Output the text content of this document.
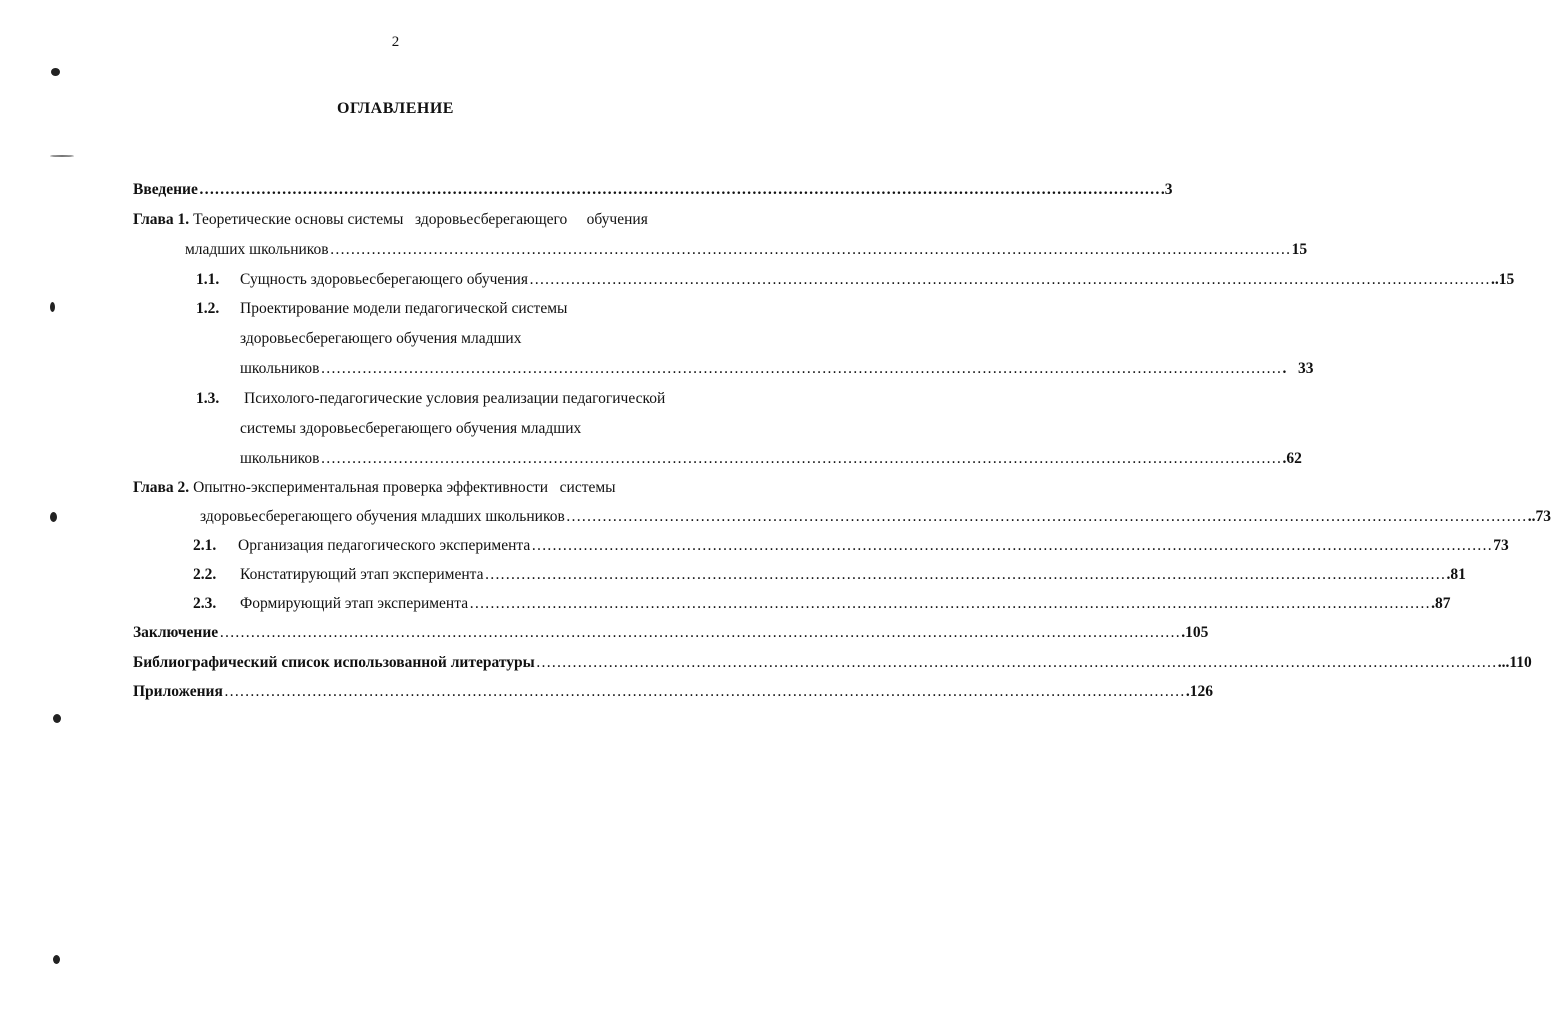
2
ОГЛАВЛЕНИЕ
Введение …………………………………………………………………………………………………………………………………………………………………… .3
Глава 1. Теоретические основы системы   здоровьесберегающего     обучения
младших школьников …………………………………………………………………………………………………………………………………………………………………… 15
1.1. Сущность здоровьесберегающего обучения …………………………………………………………………………………………………………………………………………………………………… ..15
1.2. Проектирование модели педагогической системы
здоровьесберегающего обучения младших
школьников …………………………………………………………………………………………………………………………………………………………………… .   33
1.3. Психолого-педагогические условия реализации педагогической
системы здоровьесберегающего обучения младших
школьников …………………………………………………………………………………………………………………………………………………………………… .62
Глава 2. Опытно-экспериментальная проверка эффективности   системы
здоровьесберегающего обучения младших школьников …………………………………………………………………………………………………………………………………………………………………… ..73
2.1. Организация педагогического эксперимента …………………………………………………………………………………………………………………………………………………………………… 73
2.2. Констатирующий этап эксперимента …………………………………………………………………………………………………………………………………………………………………… .81
2.3. Формирующий этап эксперимента …………………………………………………………………………………………………………………………………………………………………… .87
Заключение …………………………………………………………………………………………………………………………………………………………………… .105
Библиографический список использованной литературы …………………………………………………………………………………………………………………………………………………………………… ...110
Приложения …………………………………………………………………………………………………………………………………………………………………… .126
